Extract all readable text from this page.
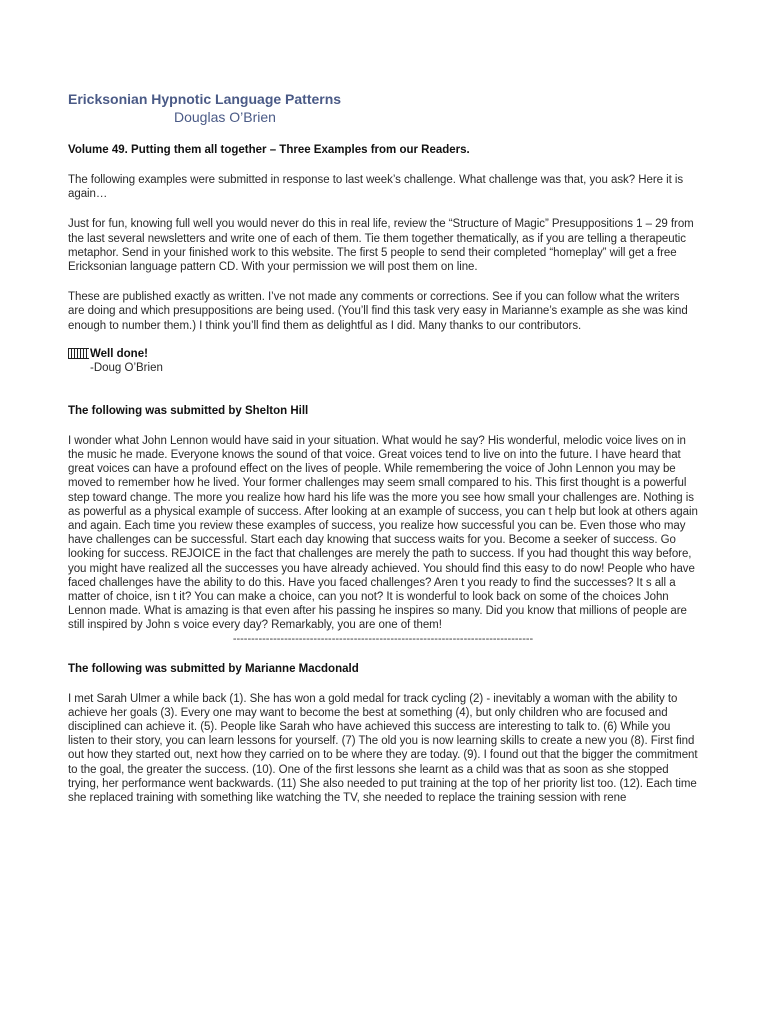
Ericksonian Hypnotic Language Patterns
Douglas O’Brien
Volume 49. Putting them all together – Three Examples from our Readers.

The following examples were submitted in response to last week’s challenge. What challenge was that, you ask? Here it is again…

Just for fun, knowing full well you would never do this in real life, review the “Structure of Magic” Presuppositions 1 – 29 from the last several newsletters and write one of each of them. Tie them together thematically, as if you are telling a therapeutic metaphor. Send in your finished work to this website. The first 5 people to send their completed “homeplay” will get a free Ericksonian language pattern CD. With your permission we will post them on line.

These are published exactly as written. I’ve not made any comments or corrections. See if you can follow what the writers are doing and which presuppositions are being used. (You’ll find this task very easy in Marianne’s example as she was kind enough to number them.) I think you’ll find them as delightful as I did. Many thanks to our contributors.

Well done!
-Doug O’Brien
The following was submitted by Shelton Hill

I wonder what John Lennon would have said in your situation. What would he say? His wonderful, melodic voice lives on in the music he made. Everyone knows the sound of that voice. Great voices tend to live on into the future. I have heard that great voices can have a profound effect on the lives of people. While remembering the voice of John Lennon you may be moved to remember how he lived. Your former challenges may seem small compared to his. This first thought is a powerful step toward change. The more you realize how hard his life was the more you see how small your challenges are. Nothing is as powerful as a physical example of success. After looking at an example of success, you can t help but look at others again and again. Each time you review these examples of success, you realize how successful you can be. Even those who may have challenges can be successful. Start each day knowing that success waits for you. Become a seeker of success. Go looking for success. REJOICE in the fact that challenges are merely the path to success. If you had thought this way before, you might have realized all the successes you have already achieved. You should find this easy to do now! People who have faced challenges have the ability to do this. Have you faced challenges? Aren t you ready to find the successes? It s all a matter of choice, isn t it? You can make a choice, can you not? It is wonderful to look back on some of the choices John Lennon made. What is amazing is that even after his passing he inspires so many. Did you know that millions of people are still inspired by John s voice every day? Remarkably, you are one of them!

----------------------------------------------------------------------------------
The following was submitted by Marianne Macdonald

I met Sarah Ulmer a while back (1). She has won a gold medal for track cycling (2) - inevitably a woman with the ability to achieve her goals (3). Every one may want to become the best at something (4), but only children who are focused and disciplined can achieve it. (5). People like Sarah who have achieved this success are interesting to talk to. (6) While you listen to their story, you can learn lessons for yourself. (7) The old you is now learning skills to create a new you (8). First find out how they started out, next how they carried on to be where they are today. (9). I found out that the bigger the commitment to the goal, the greater the success. (10). One of the first lessons she learnt as a child was that as soon as she stopped trying, her performance went backwards. (11) She also needed to put training at the top of her priority list too. (12). Each time she replaced training with something like watching the TV, she needed to replace the training session with rene
